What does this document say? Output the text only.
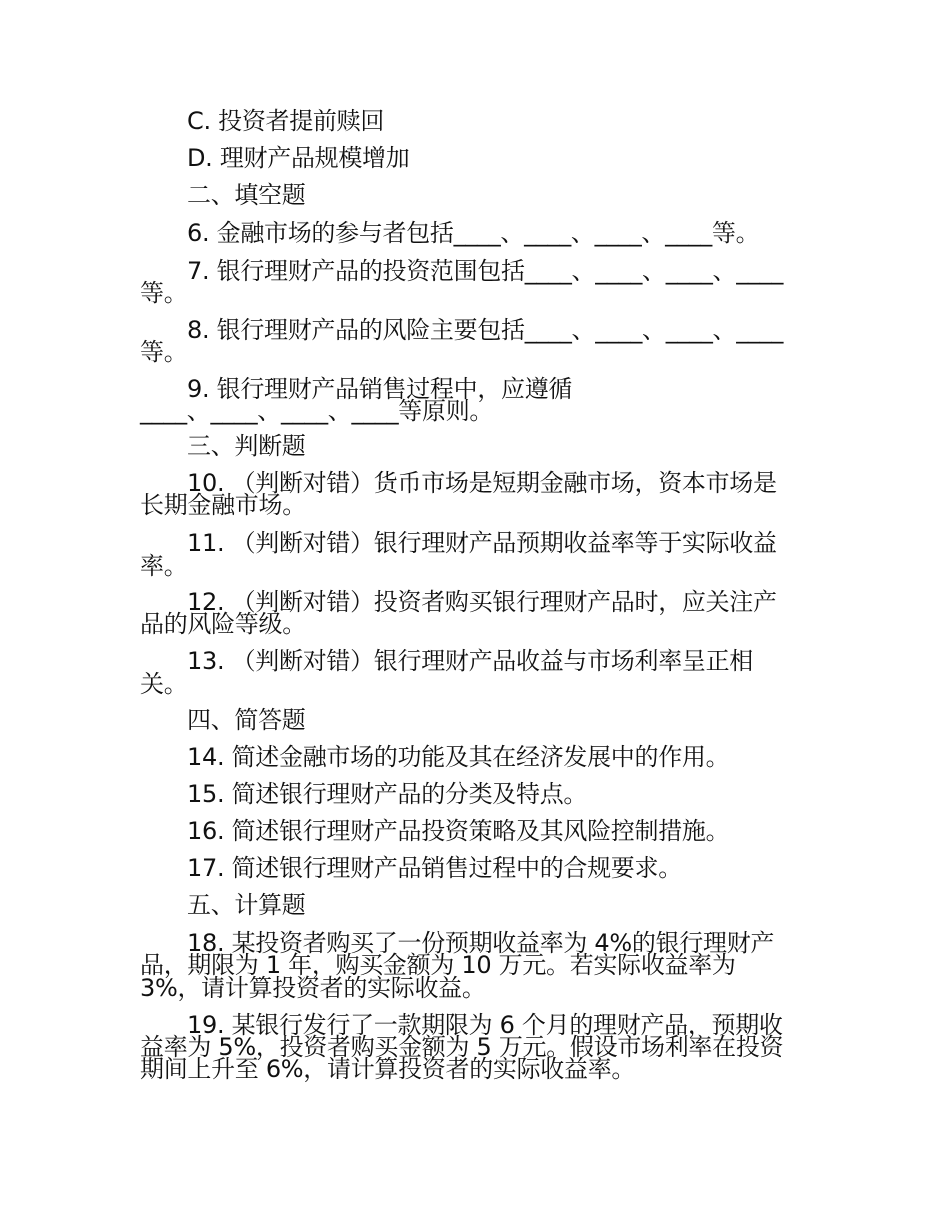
C. 投资者提前赎回
D. 理财产品规模增加
二、填空题
6. 金融市场的参与者包括____、____、____、____等。
7. 银行理财产品的投资范围包括____、____、____、____
等。
8. 银行理财产品的风险主要包括____、____、____、____
等。
9. 银行理财产品销售过程中，应遵循
____、____、____、____等原则。
三、判断题
10. （判断对错）货币市场是短期金融市场，资本市场是
长期金融市场。
11. （判断对错）银行理财产品预期收益率等于实际收益
率。
12. （判断对错）投资者购买银行理财产品时，应关注产
品的风险等级。
13. （判断对错）银行理财产品收益与市场利率呈正相
关。
四、简答题
14. 简述金融市场的功能及其在经济发展中的作用。
15. 简述银行理财产品的分类及特点。
16. 简述银行理财产品投资策略及其风险控制措施。
17. 简述银行理财产品销售过程中的合规要求。
五、计算题
18. 某投资者购买了一份预期收益率为 4%的银行理财产
品，期限为 1 年，购买金额为 10 万元。若实际收益率为
3%，请计算投资者的实际收益。
19. 某银行发行了一款期限为 6 个月的理财产品，预期收
益率为 5%，投资者购买金额为 5 万元。假设市场利率在投资
期间上升至 6%，请计算投资者的实际收益率。
